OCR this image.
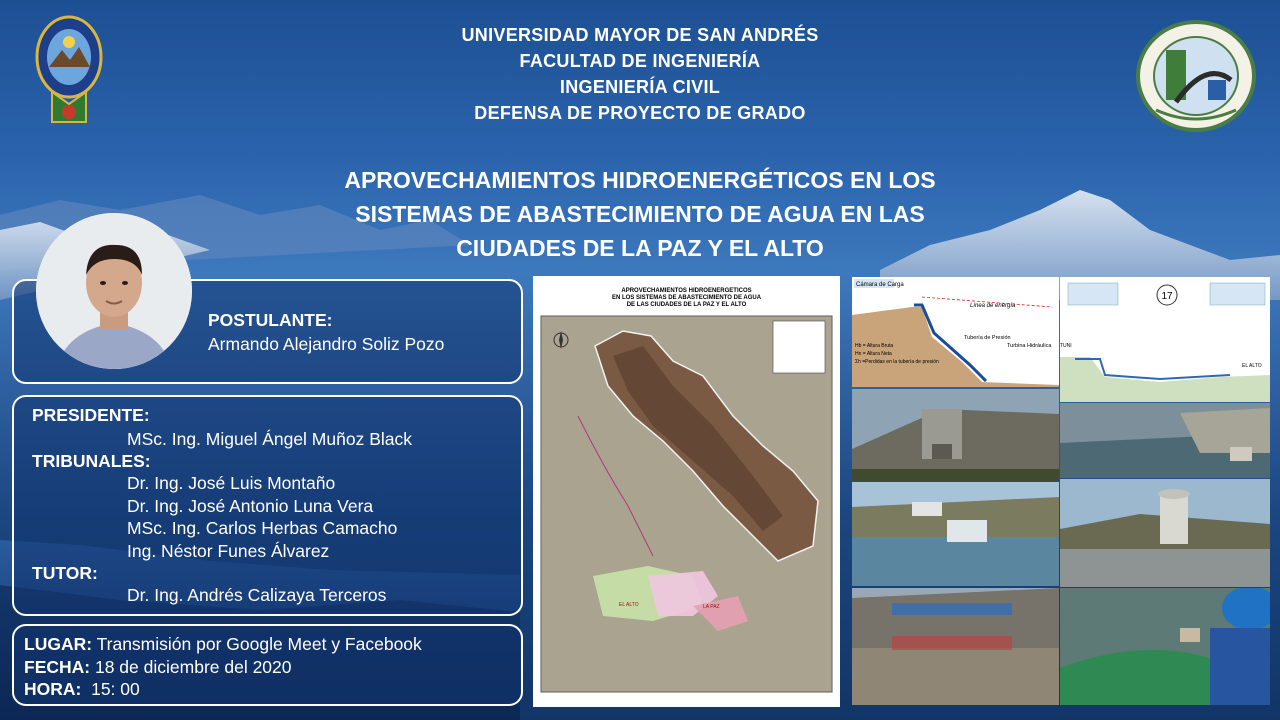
UNIVERSIDAD MAYOR DE SAN ANDRÉS
FACULTAD DE INGENIERÍA
INGENIERÍA CIVIL
DEFENSA DE PROYECTO DE GRADO
APROVECHAMIENTOS HIDROENERGÉTICOS EN LOS
SISTEMAS DE ABASTECIMIENTO DE AGUA EN LAS
CIUDADES DE LA PAZ Y EL ALTO
POSTULANTE:
Armando Alejandro Soliz Pozo
PRESIDENTE:
MSc. Ing. Miguel Ángel Muñoz Black
TRIBUNALES:
Dr. Ing. José Luis Montaño
Dr. Ing. José Antonio Luna Vera
MSc. Ing. Carlos Herbas Camacho
Ing. Néstor Funes Álvarez
TUTOR:
Dr. Ing. Andrés Calizaya Terceros
LUGAR: Transmisión por Google Meet y Facebook
FECHA: 18 de diciembre del 2020
HORA:  15: 00
APROVECHAMIENTOS HIDROENERGETICOS
EN LOS SISTEMAS DE ABASTECIMIENTO DE AGUA
DE LAS CIUDADES DE LA PAZ Y EL ALTO
EL ALTO	LA PAZ
Cámara de Carga
Línea de energía
Tubería de Presión
Turbina Hidráulica
Hb = Altura Bruta
Hn = Altura Neta
Σh =Perdidas en la tubería de presión
17
TUNI
EL ALTO
